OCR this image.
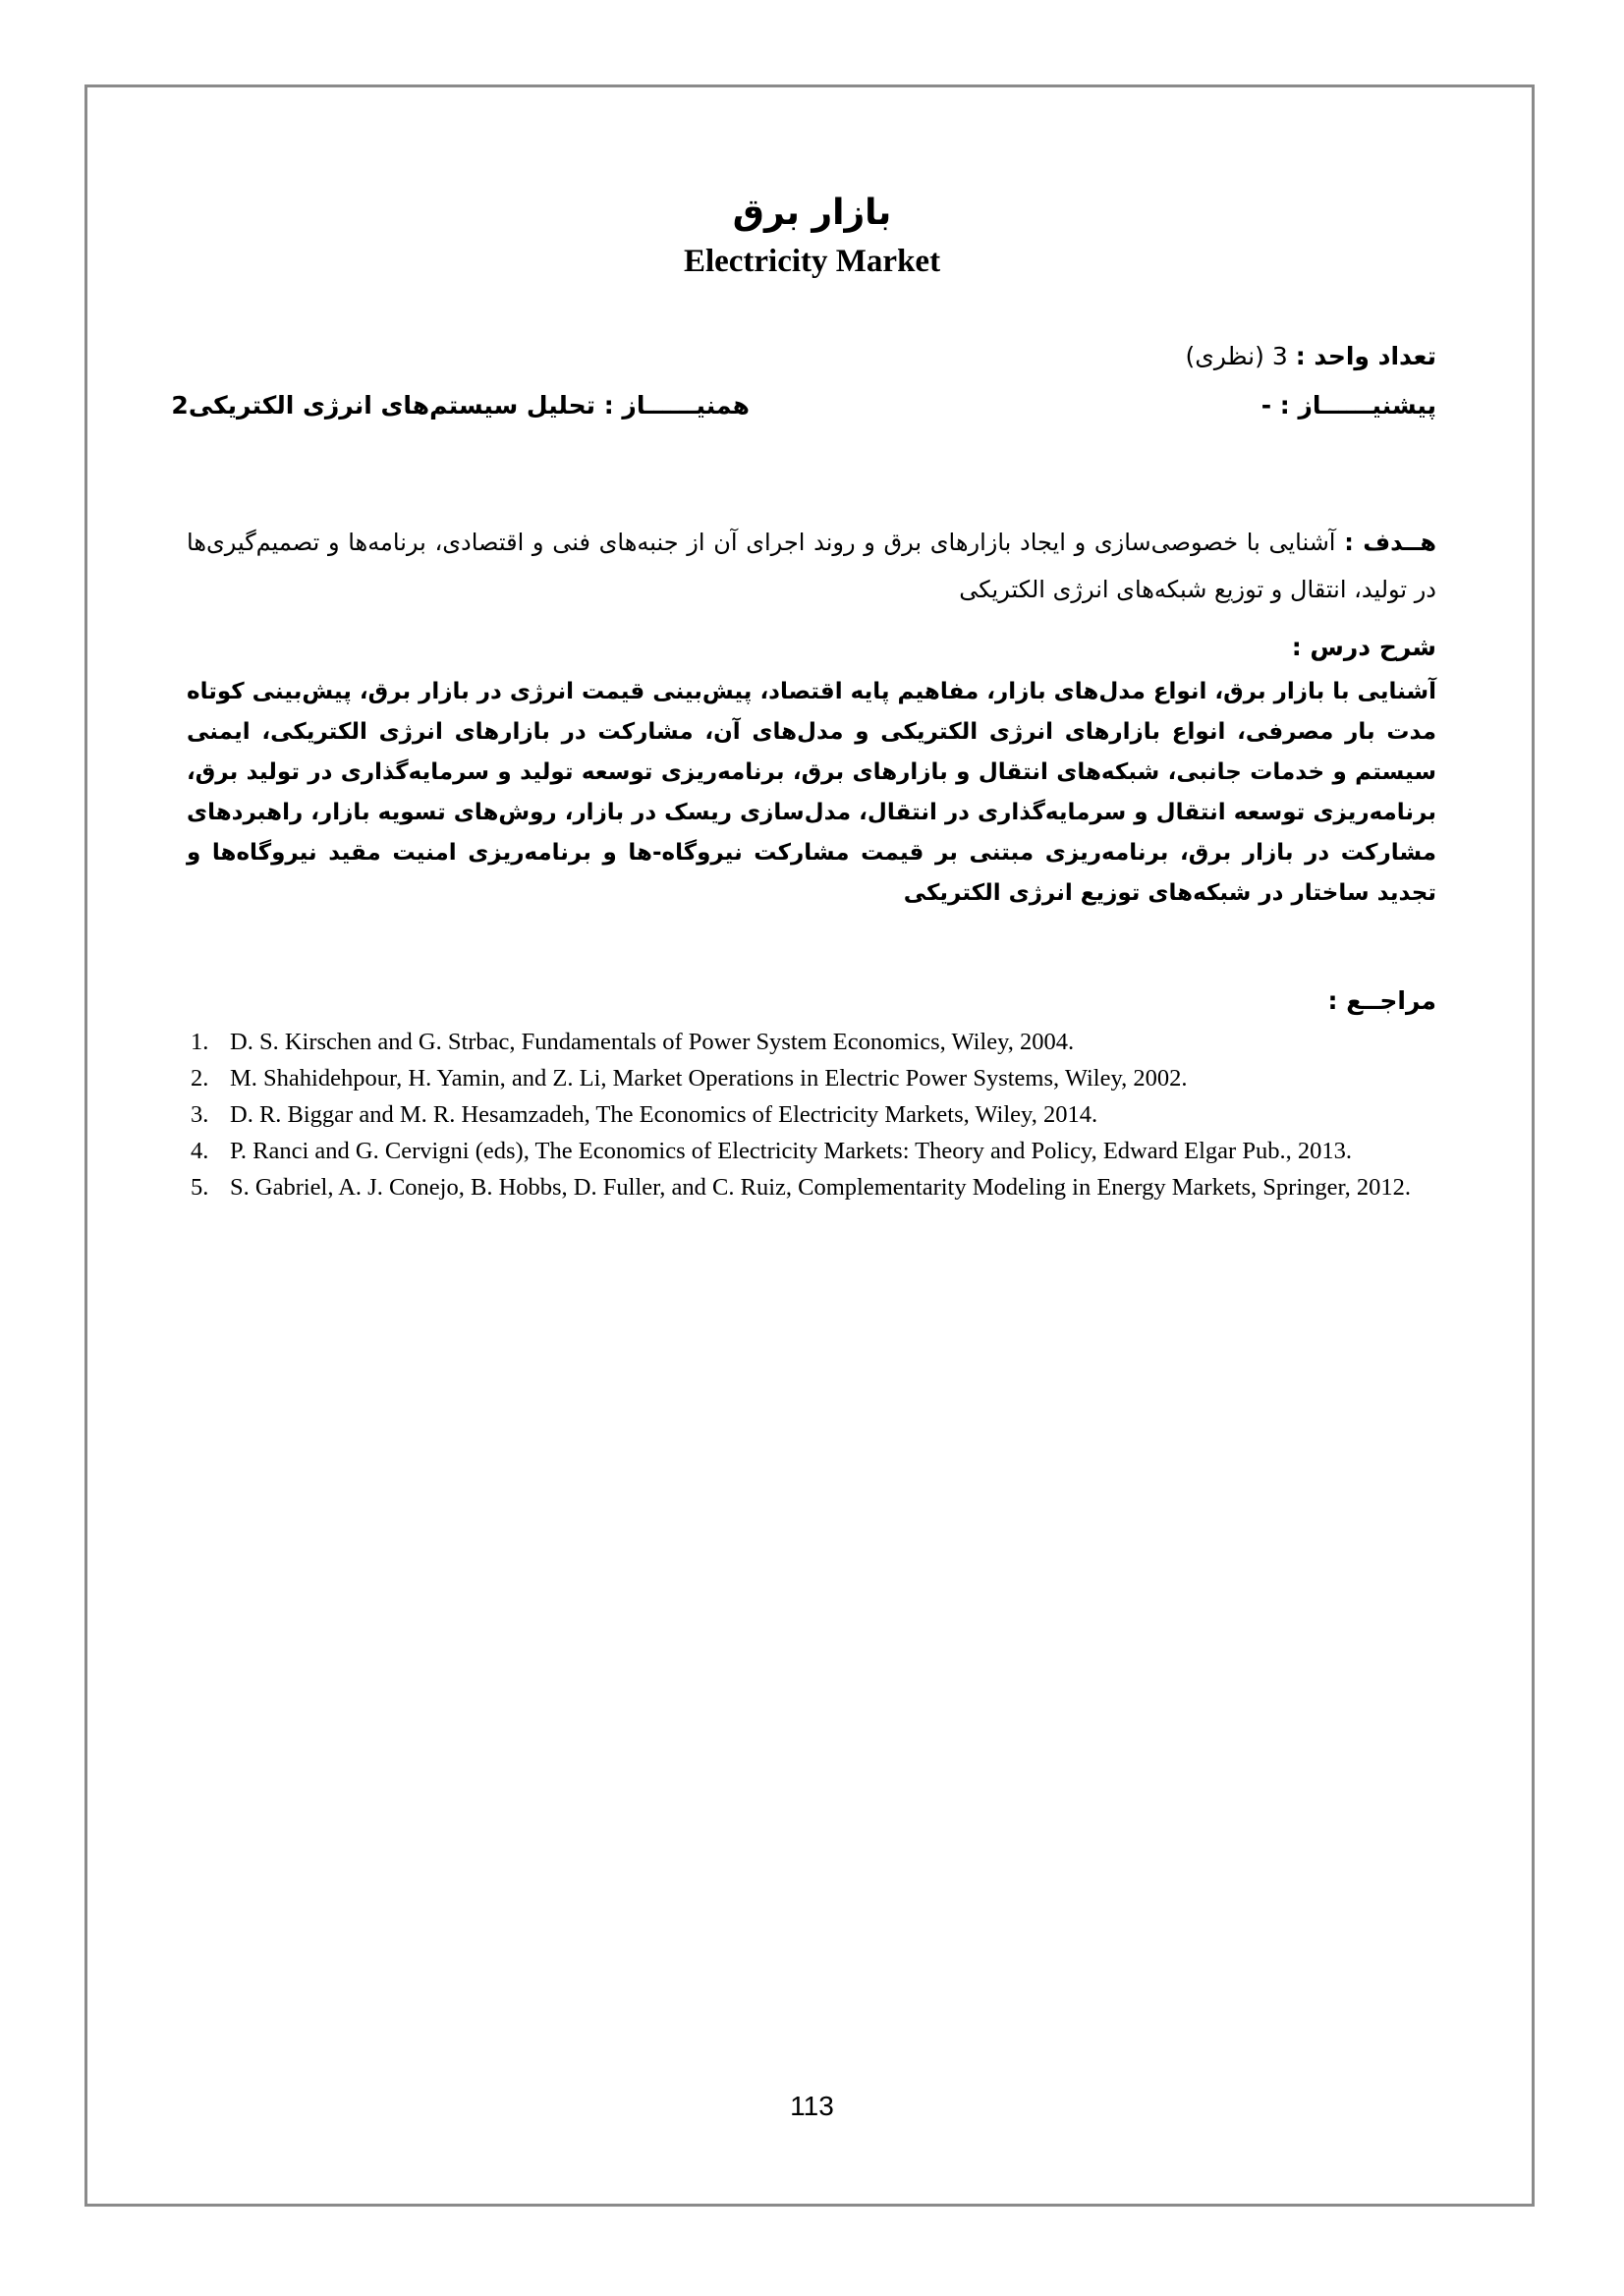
بازار برق
Electricity Market
تعداد واحد : 3 (نظری)
پیشنیــــــاز : -
همنیــــــاز : تحلیل سیستم‌های انرژی الکتریکی2
هــدف : آشنایی با خصوصی‌سازی و ایجاد بازارهای برق و روند اجرای آن از جنبه‌های فنی و اقتصادی، برنامه‌ها و تصمیم‌گیری‌ها در تولید، انتقال و توزیع شبکه‌های انرژی الکتریکی
شرح درس :
آشنایی با بازار برق، انواع مدل‌های بازار، مفاهیم پایه اقتصاد، پیش‌بینی قیمت انرژی در بازار برق، پیش‌بینی کوتاه مدت بار مصرفی، انواع بازارهای انرژی الکتریکی و مدل‌های آن، مشارکت در بازارهای انرژی الکتریکی، ایمنی سیستم و خدمات جانبی، شبکه‌های انتقال و بازارهای برق، برنامه‌ریزی توسعه تولید و سرمایه‌گذاری در تولید برق، برنامه‌ریزی توسعه انتقال و سرمایه‌گذاری در انتقال، مدل‌سازی ریسک در بازار، روش‌های تسویه بازار، راهبردهای مشارکت در بازار برق، برنامه‌ریزی مبتنی بر قیمت مشارکت نیروگاه-ها و برنامه‌ریزی امنیت مقید نیروگاه‌ها و تجدید ساختار در شبکه‌های توزیع انرژی الکتریکی
مراجــع :
1. D. S. Kirschen and G. Strbac, Fundamentals of Power System Economics, Wiley, 2004.
2. M. Shahidehpour, H. Yamin, and Z. Li, Market Operations in Electric Power Systems, Wiley, 2002.
3. D. R. Biggar and M. R. Hesamzadeh, The Economics of Electricity Markets, Wiley, 2014.
4. P. Ranci and G. Cervigni (eds), The Economics of Electricity Markets: Theory and Policy, Edward Elgar Pub., 2013.
5. S. Gabriel, A. J. Conejo, B. Hobbs, D. Fuller, and C. Ruiz, Complementarity Modeling in Energy Markets, Springer, 2012.
113
